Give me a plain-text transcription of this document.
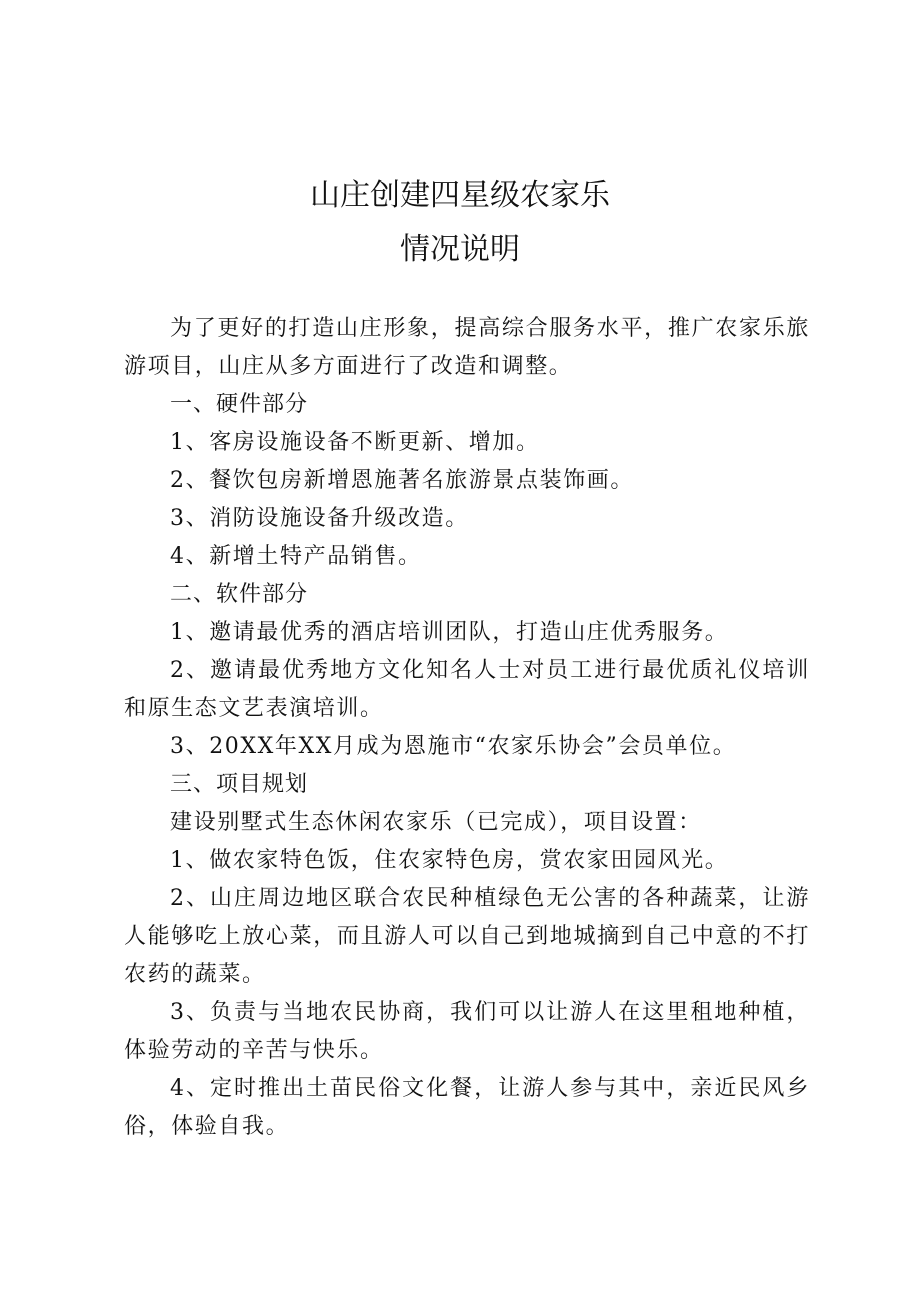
山庄创建四星级农家乐
情况说明

为了更好的打造山庄形象，提高综合服务水平，推广农家乐旅游项目，山庄从多方面进行了改造和调整。

一、硬件部分

1、客房设施设备不断更新、增加。

2、餐饮包房新增恩施著名旅游景点装饰画。

3、消防设施设备升级改造。

4、新增土特产品销售。

二、软件部分

1、邀请最优秀的酒店培训团队，打造山庄优秀服务。

2、邀请最优秀地方文化知名人士对员工进行最优质礼仪培训和原生态文艺表演培训。

3、20XX年XX月成为恩施市“农家乐协会”会员单位。

三、项目规划

建设别墅式生态休闲农家乐（已完成），项目设置：

1、做农家特色饭，住农家特色房，赏农家田园风光。

2、山庄周边地区联合农民种植绿色无公害的各种蔬菜，让游人能够吃上放心菜，而且游人可以自己到地城摘到自己中意的不打农药的蔬菜。

3、负责与当地农民协商，我们可以让游人在这里租地种植，体验劳动的辛苦与快乐。

4、定时推出土苗民俗文化餐，让游人参与其中，亲近民风乡俗，体验自我。
